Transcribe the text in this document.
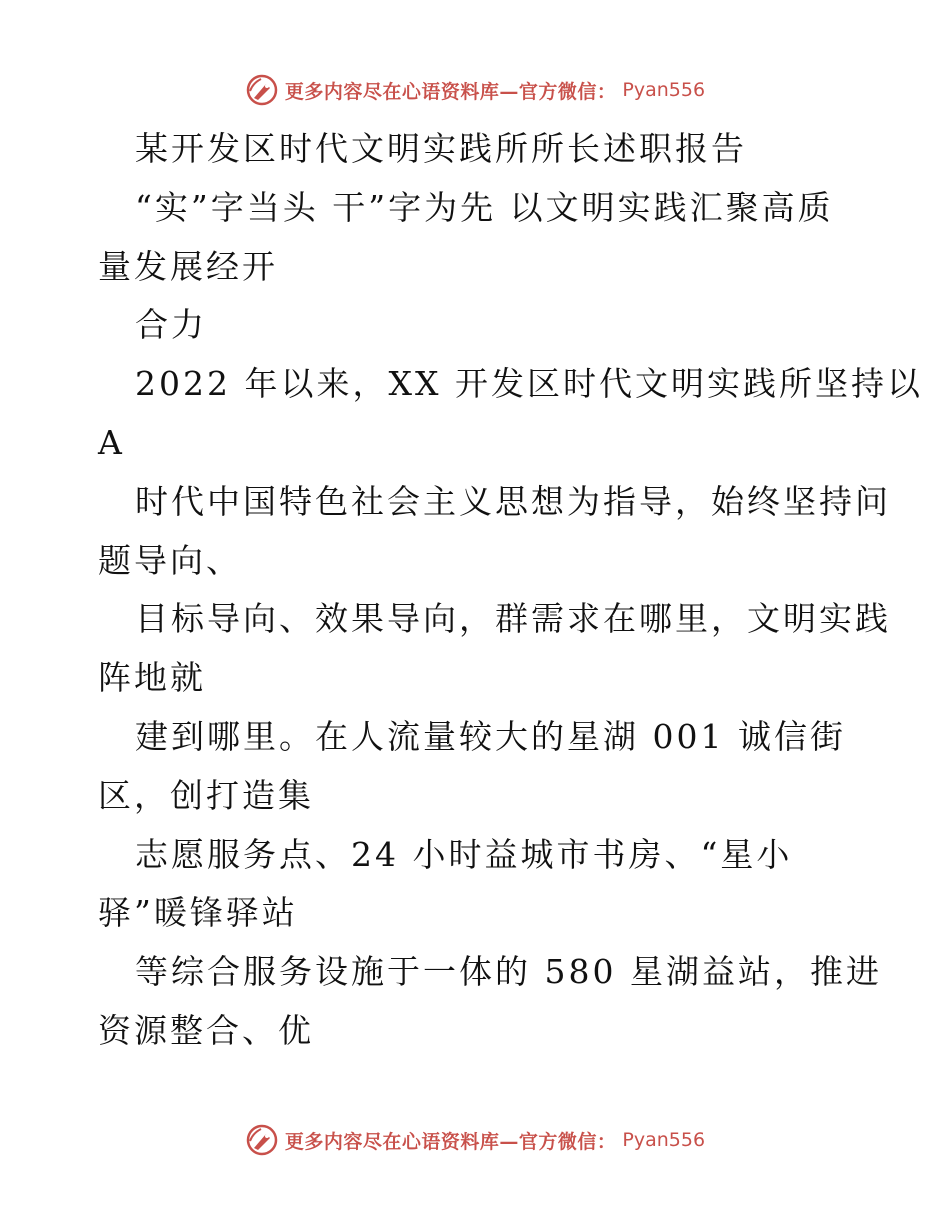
更多内容尽在心语资料库—官方微信： Pyan556
某开发区时代文明实践所所长述职报告
“实”字当头 干”字为先 以文明实践汇聚高质
量发展经开
合力
2022 年以来，XX 开发区时代文明实践所坚持以
A
时代中国特色社会主义思想为指导，始终坚持问
题导向、
目标导向、效果导向，群需求在哪里，文明实践
阵地就
建到哪里。在人流量较大的星湖 001 诚信街
区，创打造集
志愿服务点、24 小时益城市书房、“星小
驿”暖锋驿站
等综合服务设施于一体的 580 星湖益站，推进
资源整合、优
更多内容尽在心语资料库—官方微信： Pyan556
